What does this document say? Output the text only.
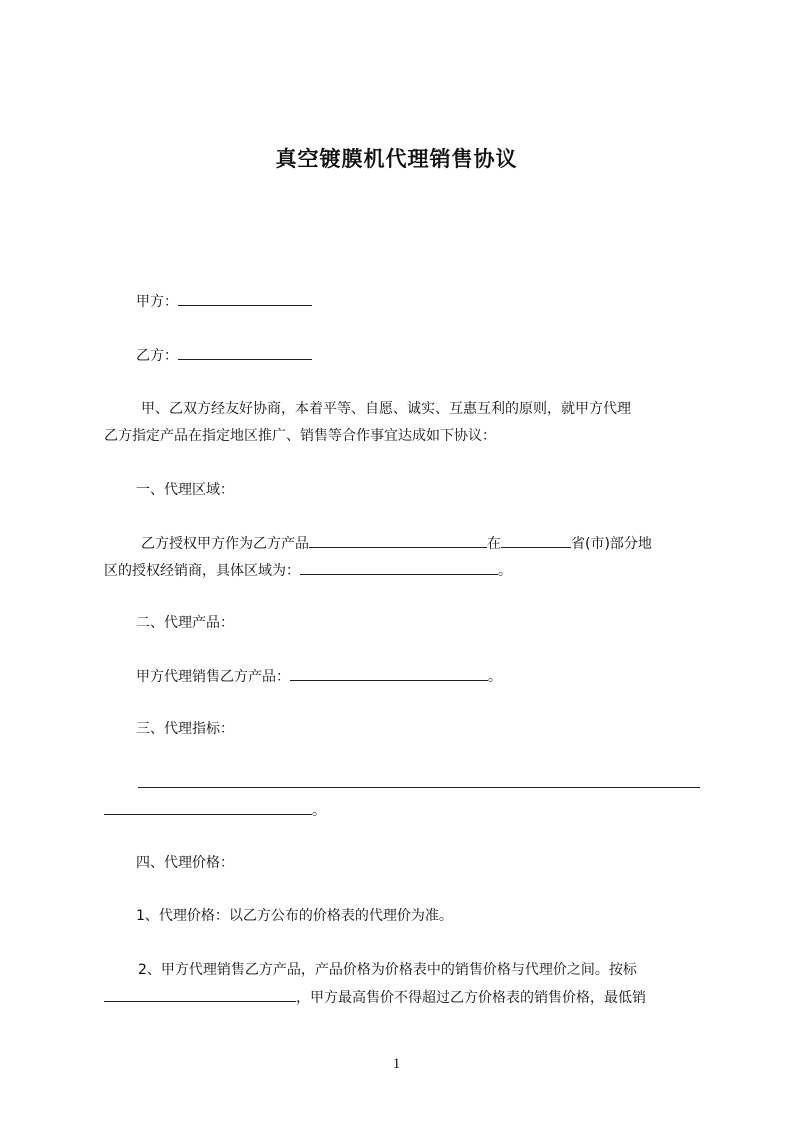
真空镀膜机代理销售协议

甲方：

乙方：

甲、乙双方经友好协商，本着平等、自愿、诚实、互惠互利的原则，就甲方代理

乙方指定产品在指定地区推广、销售等合作事宜达成如下协议：

一、代理区域：

乙方授权甲方作为乙方产品	在	省(市)部分地

区的授权经销商，具体区域为：	。

二、代理产品：

甲方代理销售乙方产品：	。

三、代理指标：

。

四、代理价格：

1、代理价格：以乙方公布的价格表的代理价为准。

2、甲方代理销售乙方产品，产品价格为价格表中的销售价格与代理价之间。按标

，甲方最高售价不得超过乙方价格表的销售价格，最低销

1
